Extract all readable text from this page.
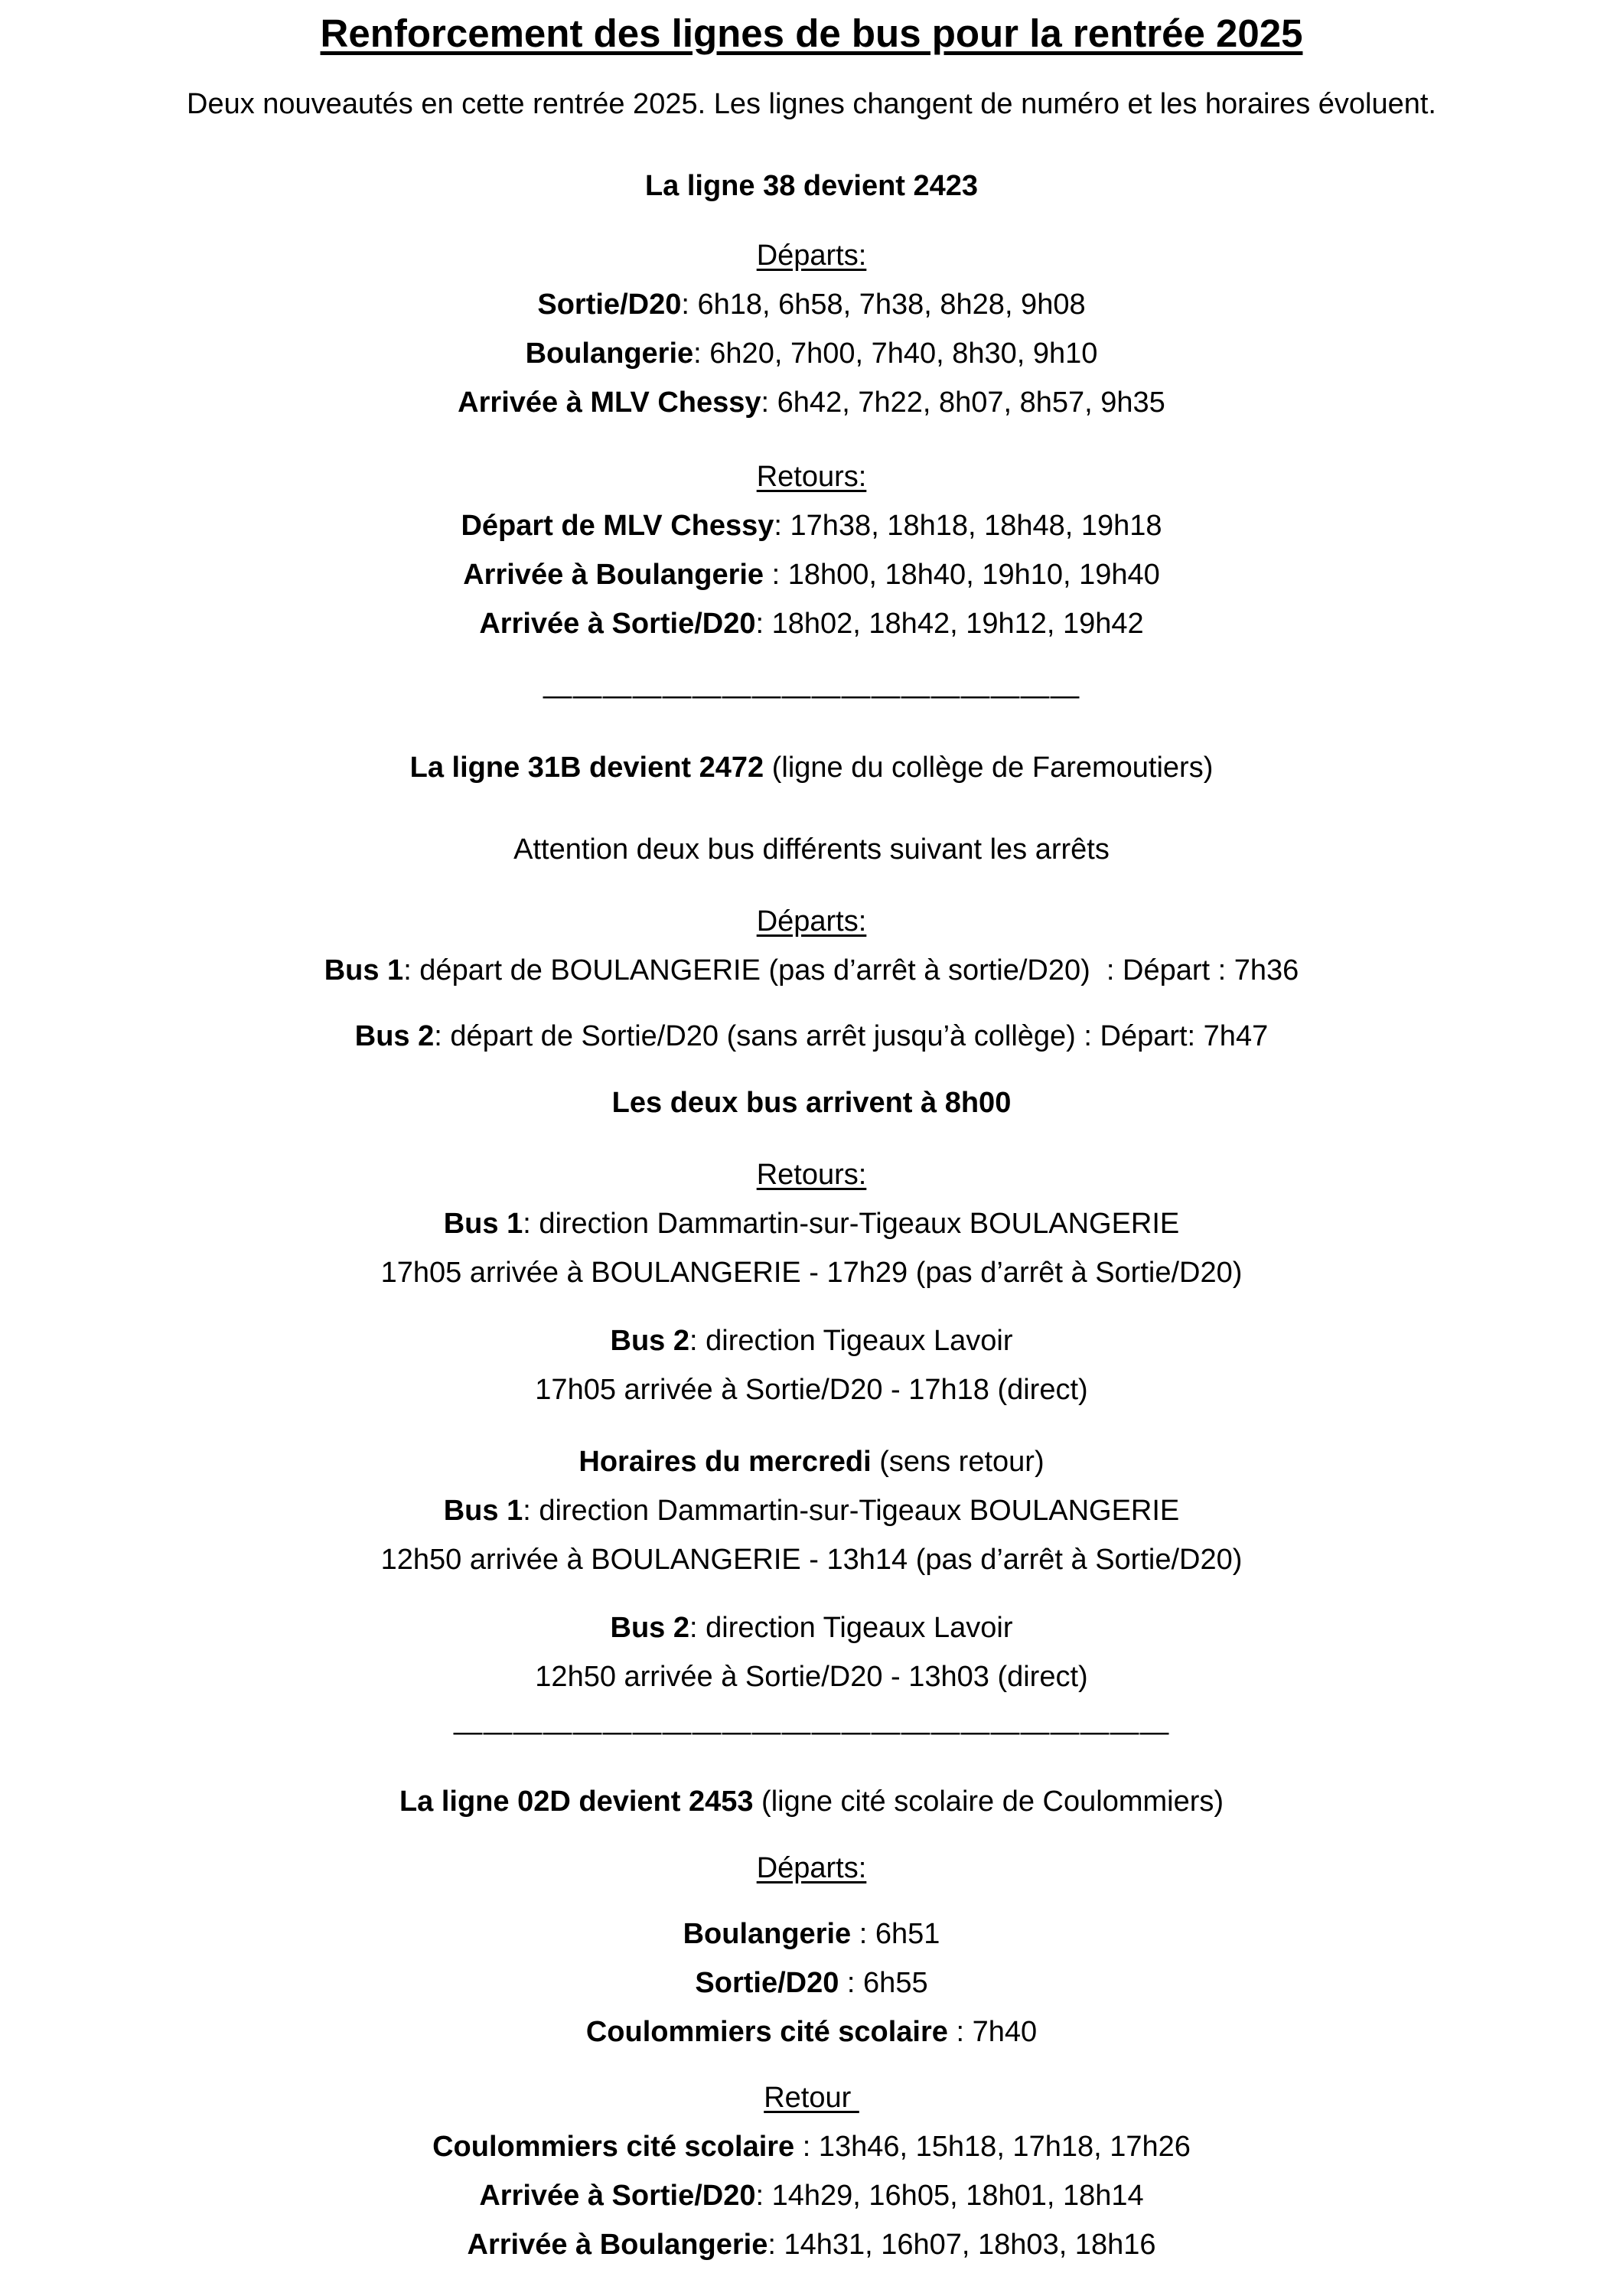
Renforcement des lignes de bus pour la rentrée 2025
Deux nouveautés en cette rentrée 2025. Les lignes changent de numéro et les horaires évoluent.
La ligne 38 devient 2423
Départs:
Sortie/D20: 6h18, 6h58, 7h38, 8h28, 9h08
Boulangerie: 6h20, 7h00, 7h40, 8h30, 9h10
Arrivée à MLV Chessy: 6h42, 7h22, 8h07, 8h57, 9h35
Retours:
Départ de MLV Chessy: 17h38, 18h18, 18h48, 19h18
Arrivée à Boulangerie : 18h00, 18h40, 19h10, 19h40
Arrivée à Sortie/D20: 18h02, 18h42, 19h12, 19h42
——————————————————
La ligne 31B devient 2472 (ligne du collège de Faremoutiers)
Attention deux bus différents suivant les arrêts
Départs:
Bus 1: départ de BOULANGERIE (pas d’arrêt à sortie/D20)  : Départ : 7h36
Bus 2: départ de Sortie/D20 (sans arrêt jusqu’à collège) : Départ: 7h47
Les deux bus arrivent à 8h00
Retours:
Bus 1: direction Dammartin-sur-Tigeaux BOULANGERIE
17h05 arrivée à BOULANGERIE - 17h29 (pas d’arrêt à Sortie/D20)
Bus 2: direction Tigeaux Lavoir
17h05 arrivée à Sortie/D20 - 17h18 (direct)
Horaires du mercredi (sens retour)
Bus 1: direction Dammartin-sur-Tigeaux BOULANGERIE
12h50 arrivée à BOULANGERIE - 13h14 (pas d’arrêt à Sortie/D20)
Bus 2: direction Tigeaux Lavoir
12h50 arrivée à Sortie/D20 - 13h03 (direct)
————————————————————————
La ligne 02D devient 2453 (ligne cité scolaire de Coulommiers)
Départs:
Boulangerie : 6h51
Sortie/D20 : 6h55
Coulommiers cité scolaire : 7h40
Retour
Coulommiers cité scolaire : 13h46, 15h18, 17h18, 17h26
Arrivée à Sortie/D20: 14h29, 16h05, 18h01, 18h14
Arrivée à Boulangerie: 14h31, 16h07, 18h03, 18h16
